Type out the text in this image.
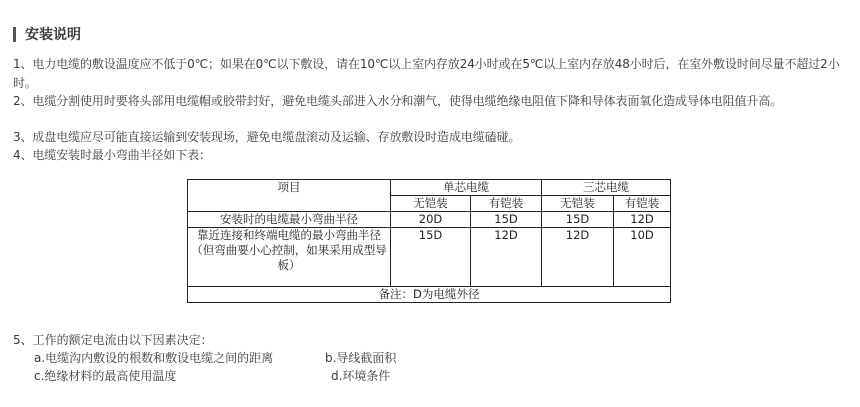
安装说明
1、电力电缆的敷设温度应不低于0℃；如果在0℃以下敷设，请在10℃以上室内存放24小时或在5℃以上室内存放48小时后，在室外敷设时间尽量不超过2小时。
2、电缆分割使用时要将头部用电缆帽或胶带封好，避免电缆头部进入水分和潮气，使得电缆绝缘电阻值下降和导体表面氧化造成导体电阻值升高。
3、成盘电缆应尽可能直接运输到安装现场，避免电缆盘滚动及运输、存放敷设时造成电缆磕碰。
4、电缆安装时最小弯曲半径如下表：
项目	单芯电缆		三芯电缆	
	无铠装	有铠装	无铠装	有铠装
安装时的电缆最小弯曲半径	20D	15D	15D	12D
靠近连接和终端电缆的最小弯曲半径（但弯曲要小心控制，如果采用成型导板）	15D	12D	12D	10D
备注：D为电缆外径				
5、工作的额定电流由以下因素决定：
a.电缆沟内敷设的根数和敷设电缆之间的距离	b.导线截面积
c.绝缘材料的最高使用温度	d.环境条件
